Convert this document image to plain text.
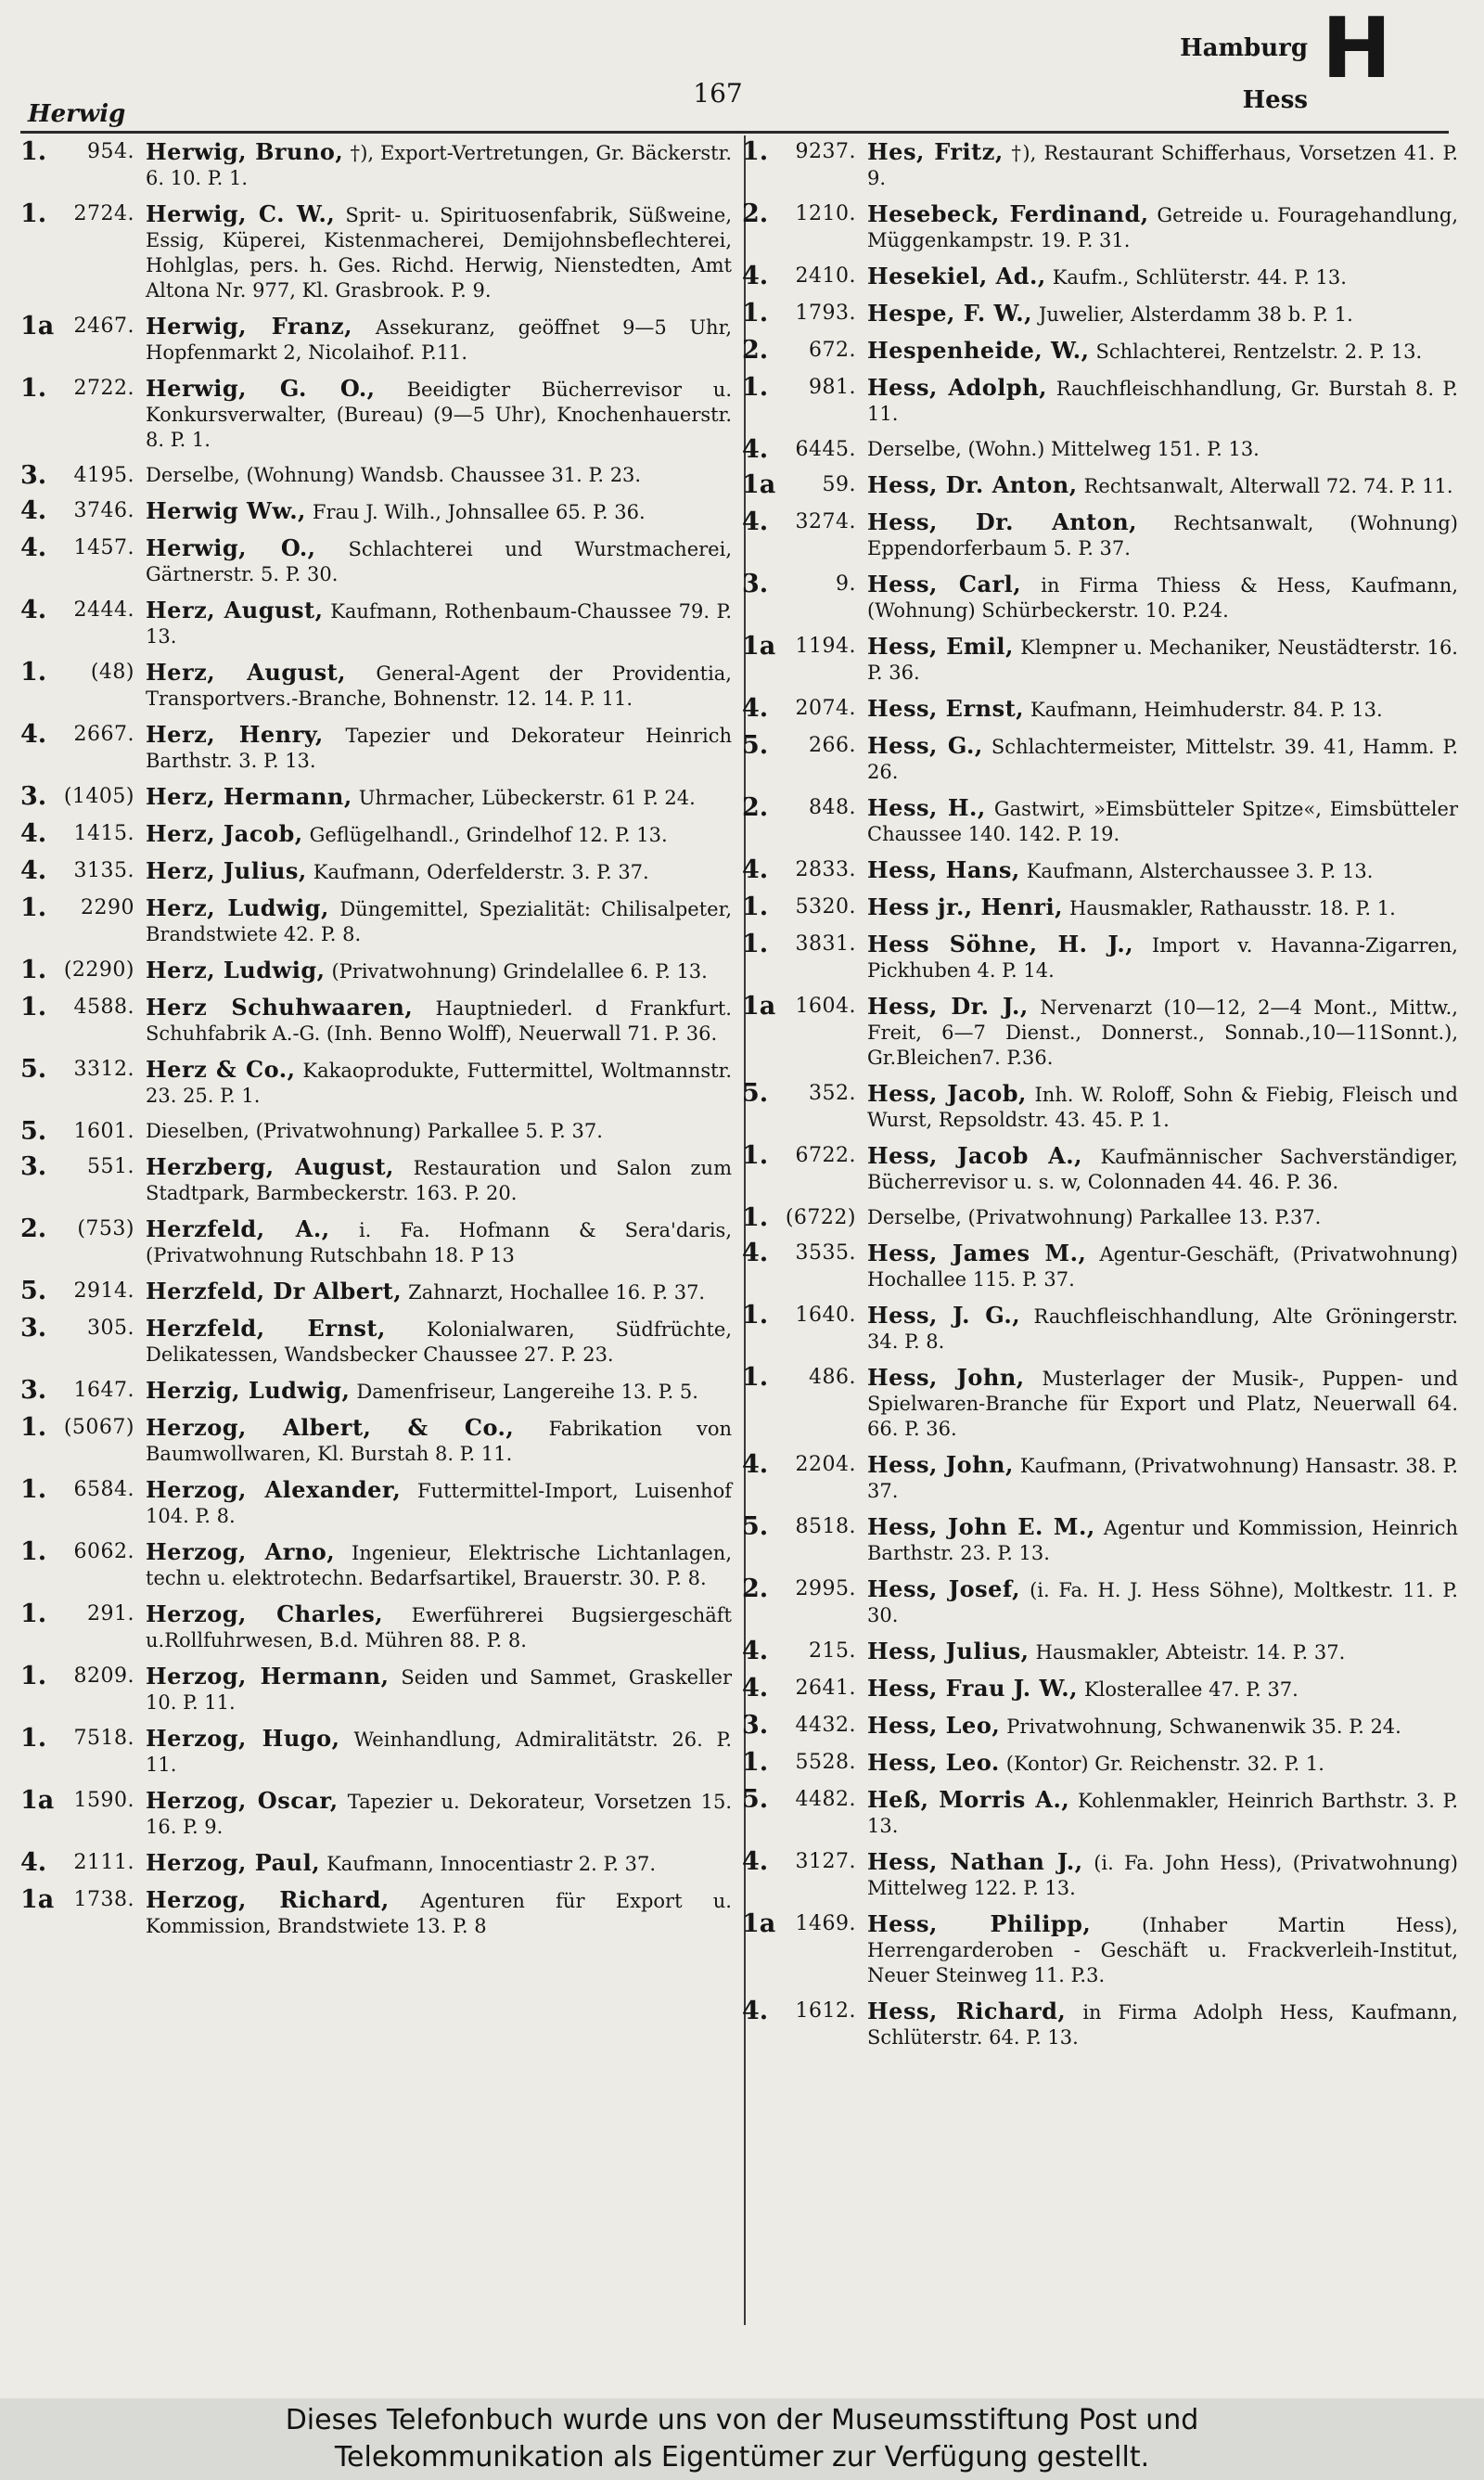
Herwig
167
Hamburg
Hess
H
1.	954. Herwig, Bruno, †), Export-Vertretungen, Gr. Bäckerstr. 6. 10. P. 1.
1.	2724. Herwig, C. W., Sprit- u. Spirituosenfabrik, Süßweine, Essig, Küperei, Kistenmacherei, Demijohnsbeflechterei, Hohlglas, pers. h. Ges. Richd. Herwig, Nienstedten, Amt Altona Nr. 977, Kl. Grasbrook. P. 9.
1a 2467. Herwig, Franz, Assekuranz, geöffnet 9—5 Uhr, Hopfenmarkt 2, Nicolaihof. P.11.
1.	2722. Herwig, G. O., Beeidigter Bücherrevisor u. Konkursverwalter, (Bureau) (9—5 Uhr), Knochenhauerstr. 8. P. 1.
3.	4195. Derselbe, (Wohnung) Wandsb. Chaussee 31. P. 23.
4.	3746. Herwig Ww., Frau J. Wilh., Johnsallee 65. P. 36.
4.	1457. Herwig, O., Schlachterei und Wurstmacherei, Gärtnerstr. 5. P. 30.
4.	2444. Herz, August, Kaufmann, Rothenbaum-Chaussee 79. P. 13.
1.	(48) Herz, August, General-Agent der Providentia, Transportvers.-Branche, Bohnenstr. 12. 14. P. 11.
4.	2667. Herz, Henry, Tapezier und Dekorateur Heinrich Barthstr. 3. P. 13.
3. (1405) Herz, Hermann, Uhrmacher, Lübeckerstr. 61 P. 24.
4.	1415. Herz, Jacob, Geflügelhandl., Grindelhof 12. P. 13.
4.	3135. Herz, Julius, Kaufmann, Oderfelderstr. 3. P. 37.
1.	2290 Herz, Ludwig, Düngemittel, Spezialität: Chilisalpeter, Brandstwiete 42. P. 8.
1. (2290) Herz, Ludwig, (Privatwohnung) Grindelallee 6. P. 13.
1.	4588. Herz Schuhwaaren, Hauptniederl. d Frankfurt. Schuhfabrik A.-G. (Inh. Benno Wolff), Neuerwall 71. P. 36.
5.	3312. Herz & Co., Kakaoprodukte, Futtermittel, Woltmannstr. 23. 25. P. 1.
5.	1601. Dieselben, (Privatwohnung) Parkallee 5. P. 37.
3.	551. Herzberg, August, Restauration und Salon zum Stadtpark, Barmbeckerstr. 163. P. 20.
2.	(753) Herzfeld, A., i. Fa. Hofmann & Sera'daris, (Privatwohnung Rutschbahn 18. P 13
5.	2914. Herzfeld, Dr Albert, Zahnarzt, Hochallee 16. P. 37.
3.	305. Herzfeld, Ernst, Kolonialwaren, Südfrüchte, Delikatessen, Wandsbecker Chaussee 27. P. 23.
3.	1647. Herzig, Ludwig, Damenfriseur, Langereihe 13. P. 5.
1. (5067) Herzog, Albert, & Co., Fabrikation von Baumwollwaren, Kl. Burstah 8. P. 11.
1.	6584. Herzog, Alexander, Futtermittel-Import, Luisenhof 104. P. 8.
1.	6062. Herzog, Arno, Ingenieur, Elektrische Lichtanlagen, techn u. elektrotechn. Bedarfsartikel, Brauerstr. 30. P. 8.
1.	291. Herzog, Charles, Ewerführerei Bugsiergeschäft u.Rollfuhrwesen, B.d. Mühren 88. P. 8.
1.	8209. Herzog, Hermann, Seiden und Sammet, Graskeller 10. P. 11.
1.	7518. Herzog, Hugo, Weinhandlung, Admiralitätstr. 26. P. 11.
1a 1590. Herzog, Oscar, Tapezier u. Dekorateur, Vorsetzen 15. 16. P. 9.
4.	2111. Herzog, Paul, Kaufmann, Innocentiastr 2. P. 37.
1a 1738. Herzog, Richard, Agenturen für Export u. Kommission, Brandstwiete 13. P. 8
1.	9237. Hes, Fritz, †), Restaurant Schifferhaus, Vorsetzen 41. P. 9.
2.	1210. Hesebeck, Ferdinand, Getreide u. Fouragehandlung, Müggenkampstr. 19. P. 31.
4.	2410. Hesekiel, Ad., Kaufm., Schlüterstr. 44. P. 13.
1.	1793. Hespe, F. W., Juwelier, Alsterdamm 38 b. P. 1.
2.	672. Hespenheide, W., Schlachterei, Rentzelstr. 2. P. 13.
1.	981. Hess, Adolph, Rauchfleischhandlung, Gr. Burstah 8. P. 11.
4.	6445. Derselbe, (Wohn.) Mittelweg 151. P. 13.
1a	59. Hess, Dr. Anton, Rechtsanwalt, Alterwall 72. 74. P. 11.
4.	3274. Hess, Dr. Anton, Rechtsanwalt, (Wohnung) Eppendorferbaum 5. P. 37.
3.	9. Hess, Carl, in Firma Thiess & Hess, Kaufmann, (Wohnung) Schürbeckerstr. 10. P.24.
1a 1194. Hess, Emil, Klempner u. Mechaniker, Neustädterstr. 16. P. 36.
4.	2074. Hess, Ernst, Kaufmann, Heimhuderstr. 84. P. 13.
5.	266. Hess, G., Schlachtermeister, Mittelstr. 39. 41, Hamm. P. 26.
2.	848. Hess, H., Gastwirt, »Eimsbütteler Spitze«, Eimsbütteler Chaussee 140. 142. P. 19.
4.	2833. Hess, Hans, Kaufmann, Alsterchaussee 3. P. 13.
1.	5320. Hess jr., Henri, Hausmakler, Rathausstr. 18. P. 1.
1.	3831. Hess Söhne, H. J., Import v. Havanna-Zigarren, Pickhuben 4. P. 14.
1a 1604. Hess, Dr. J., Nervenarzt (10—12, 2—4 Mont., Mittw., Freit, 6—7 Dienst., Donnerst., Sonnab.,10—11Sonnt.), Gr.Bleichen7. P.36.
5.	352. Hess, Jacob, Inh. W. Roloff, Sohn & Fiebig, Fleisch und Wurst, Repsoldstr. 43. 45. P. 1.
1.	6722. Hess, Jacob A., Kaufmännischer Sachverständiger, Bücherrevisor u. s. w, Colonnaden 44. 46. P. 36.
1. (6722) Derselbe, (Privatwohnung) Parkallee 13. P.37.
4.	3535. Hess, James M., Agentur-Geschäft, (Privatwohnung) Hochallee 115. P. 37.
1.	1640. Hess, J. G., Rauchfleischhandlung, Alte Gröningerstr. 34. P. 8.
1.	486. Hess, John, Musterlager der Musik-, Puppen- und Spielwaren-Branche für Export und Platz, Neuerwall 64. 66. P. 36.
4.	2204. Hess, John, Kaufmann, (Privatwohnung) Hansastr. 38. P. 37.
5.	8518. Hess, John E. M., Agentur und Kommission, Heinrich Barthstr. 23. P. 13.
2.	2995. Hess, Josef, (i. Fa. H. J. Hess Söhne), Moltkestr. 11. P. 30.
4.	215. Hess, Julius, Hausmakler, Abteistr. 14. P. 37.
4.	2641. Hess, Frau J. W., Klosterallee 47. P. 37.
3.	4432. Hess, Leo, Privatwohnung, Schwanenwik 35. P. 24.
1.	5528. Hess, Leo. (Kontor) Gr. Reichenstr. 32. P. 1.
5.	4482. Heß, Morris A., Kohlenmakler, Heinrich Barthstr. 3. P. 13.
4.	3127. Hess, Nathan J., (i. Fa. John Hess), (Privatwohnung) Mittelweg 122. P. 13.
1a 1469. Hess, Philipp,	(Inhaber Martin Hess), Herrengarderoben - Geschäft u. Frackverleih-Institut, Neuer Steinweg 11. P.3.
4.	1612. Hess, Richard, in Firma Adolph Hess, Kaufmann, Schlüterstr. 64. P. 13.
Dieses Telefonbuch wurde uns von der Museumsstiftung Post und
Telekommunikation als Eigentümer zur Verfügung gestellt.
